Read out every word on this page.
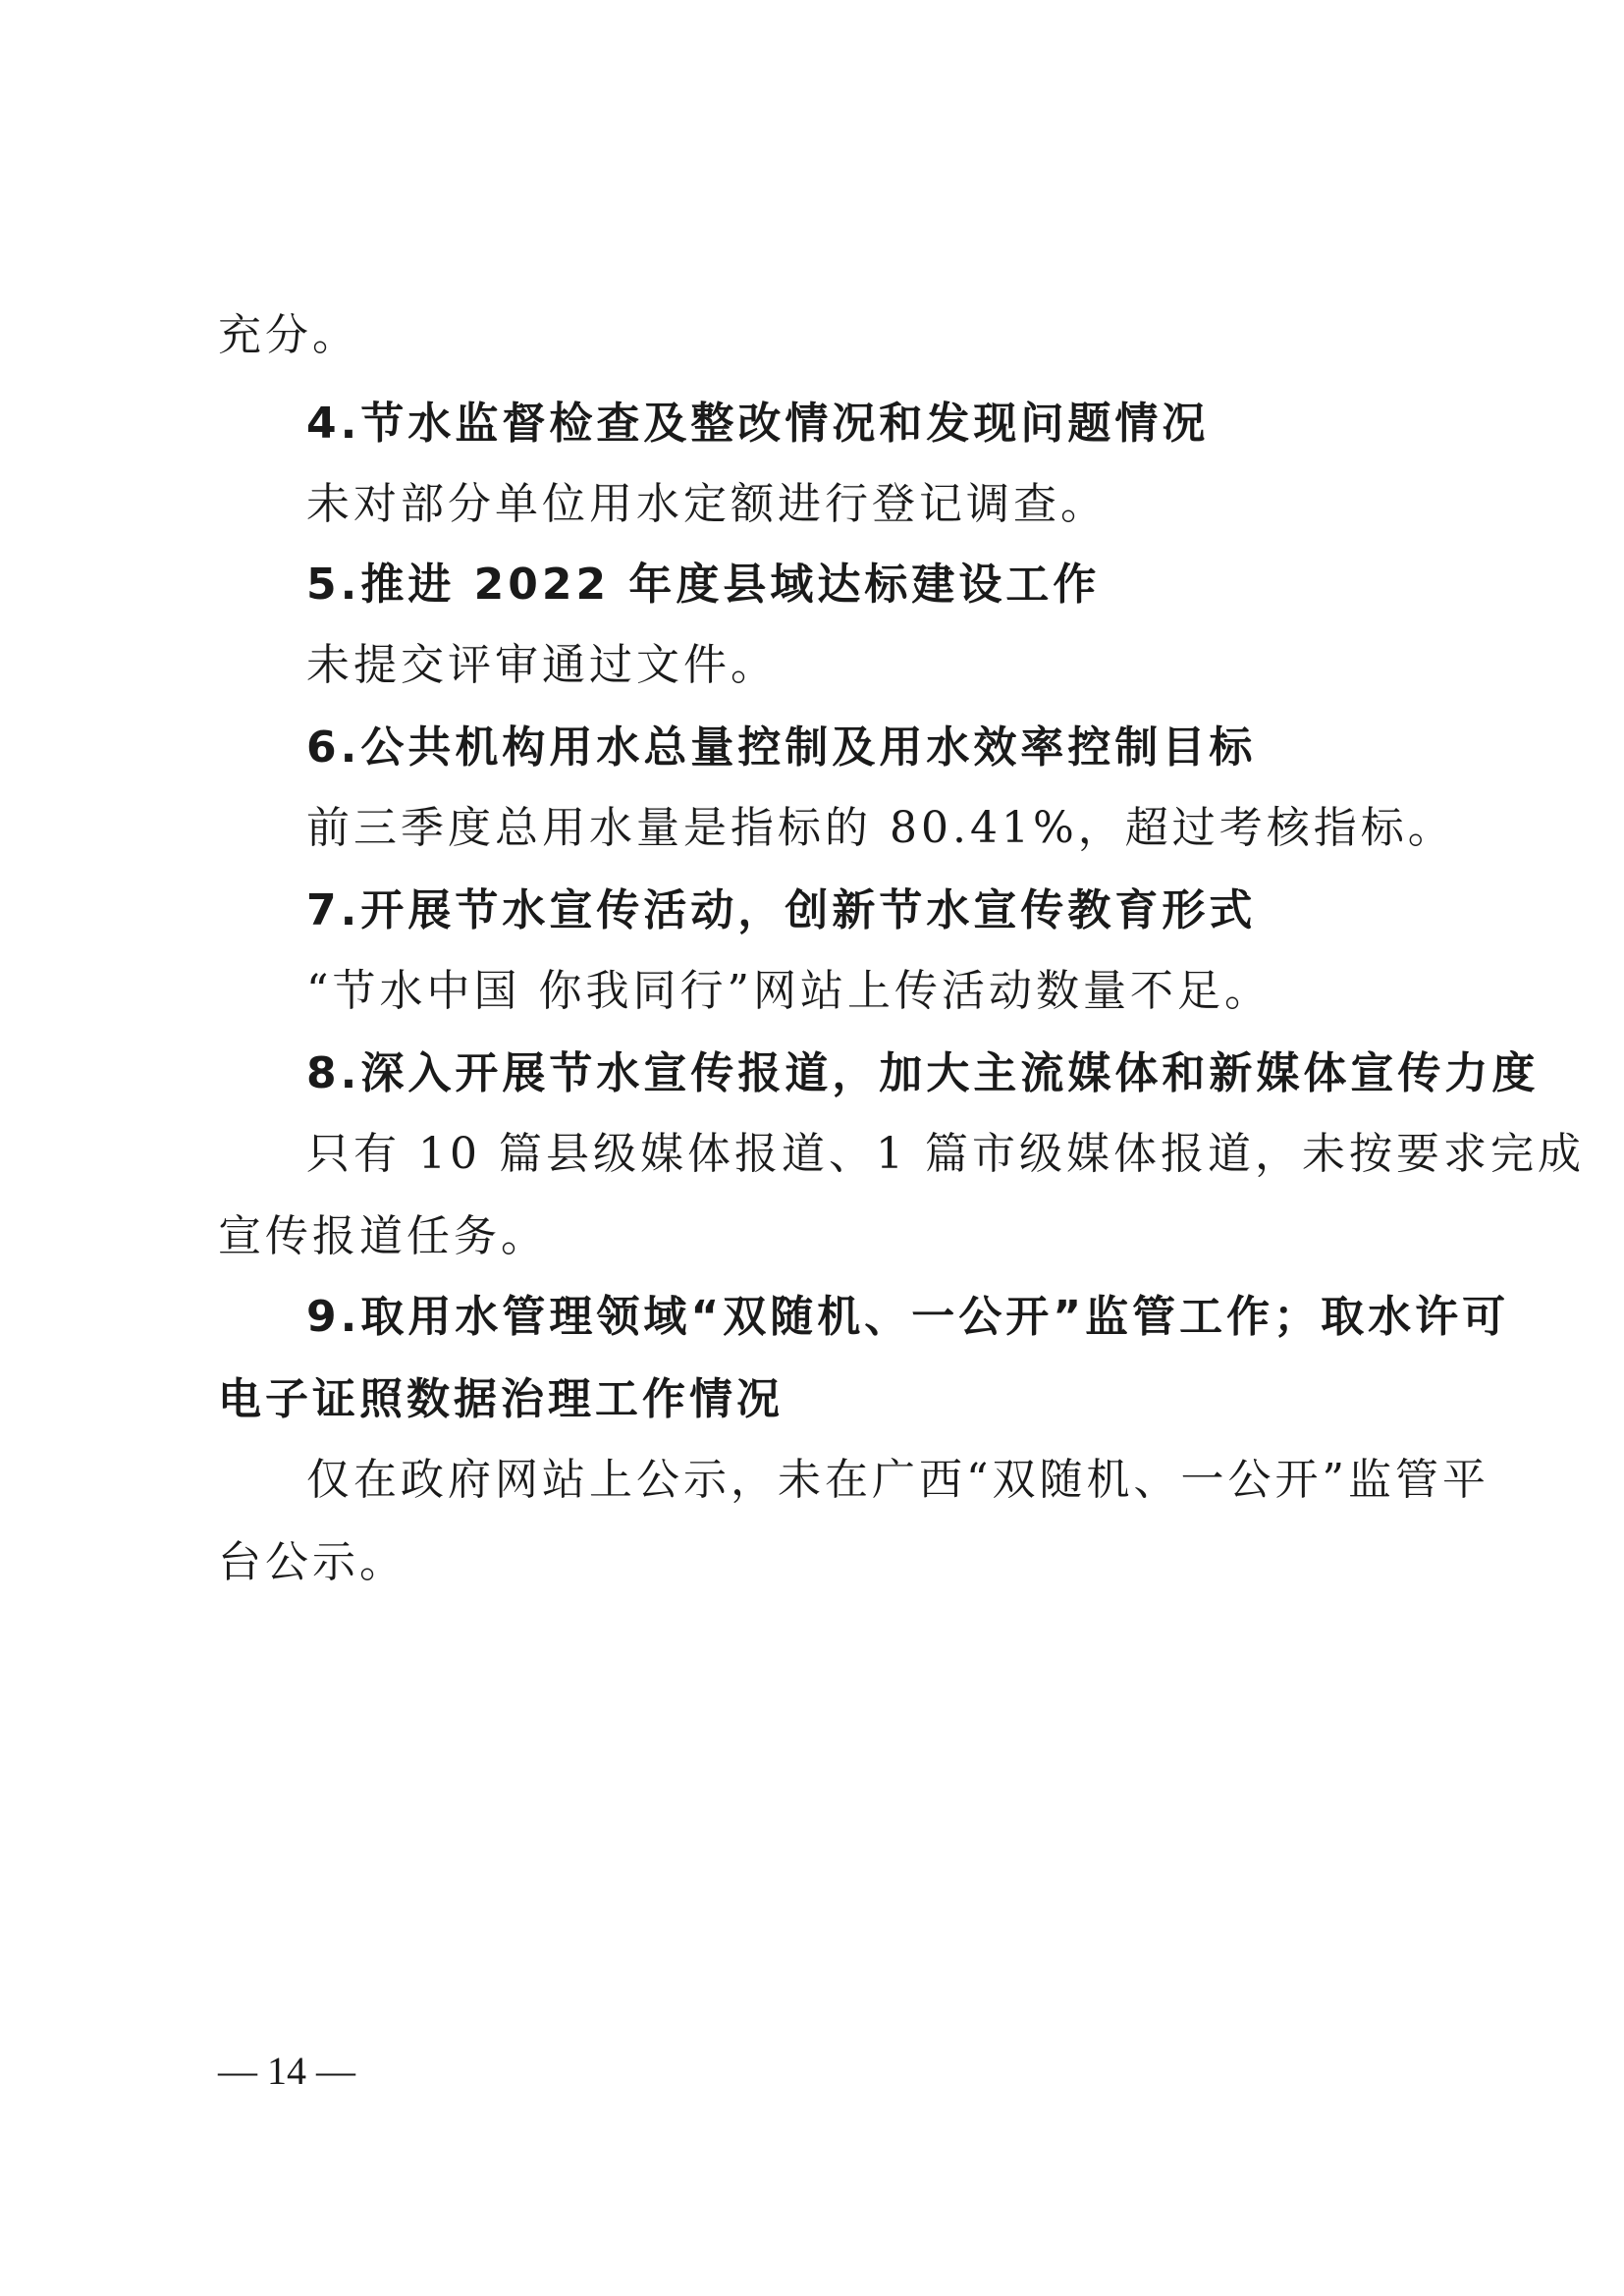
充分。
4.节水监督检查及整改情况和发现问题情况
未对部分单位用水定额进行登记调查。
5.推进 2022 年度县域达标建设工作
未提交评审通过文件。
6.公共机构用水总量控制及用水效率控制目标
前三季度总用水量是指标的 80.41%，超过考核指标。
7.开展节水宣传活动，创新节水宣传教育形式
“节水中国 你我同行”网站上传活动数量不足。
8.深入开展节水宣传报道，加大主流媒体和新媒体宣传力度
只有 10 篇县级媒体报道、1 篇市级媒体报道，未按要求完成
宣传报道任务。
9.取用水管理领域“双随机、一公开”监管工作；取水许可
电子证照数据治理工作情况
仅在政府网站上公示，未在广西“双随机、一公开”监管平
台公示。
— 14 —
